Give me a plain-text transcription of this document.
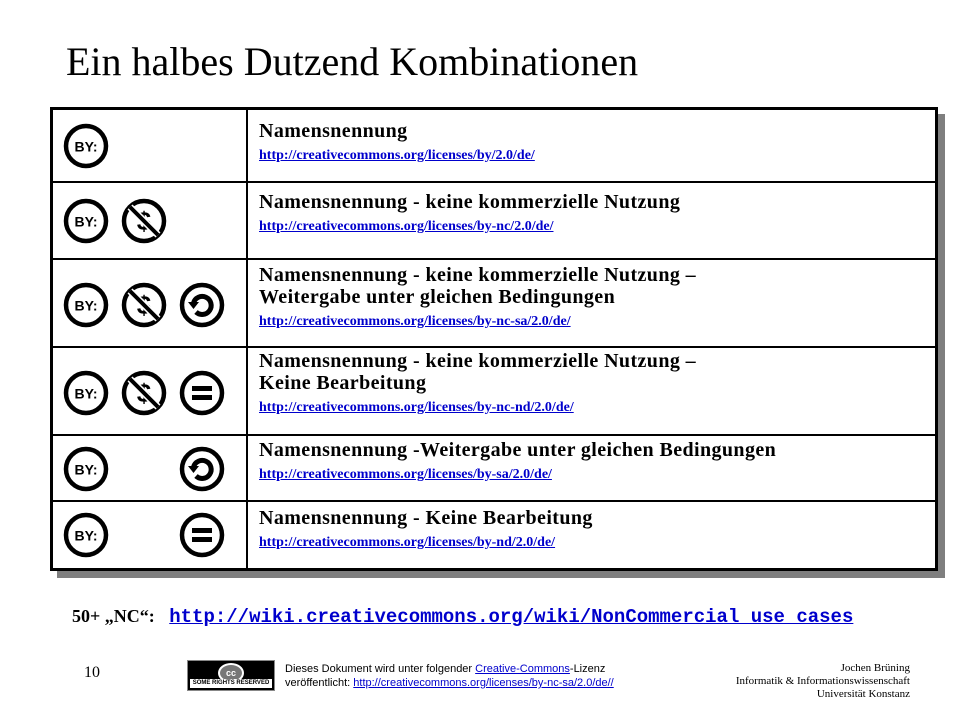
Ein halbes Dutzend Kombinationen
Namensnennung
http://creativecommons.org/licenses/by/2.0/de/
Namensnennung - keine kommerzielle Nutzung
http://creativecommons.org/licenses/by-nc/2.0/de/
Namensnennung - keine kommerzielle Nutzung –
Weitergabe unter gleichen Bedingungen
http://creativecommons.org/licenses/by-nc-sa/2.0/de/
Namensnennung - keine kommerzielle Nutzung –
Keine Bearbeitung
http://creativecommons.org/licenses/by-nc-nd/2.0/de/
Namensnennung -Weitergabe unter gleichen Bedingungen
http://creativecommons.org/licenses/by-sa/2.0/de/
Namensnennung - Keine Bearbeitung
http://creativecommons.org/licenses/by-nd/2.0/de/
50+ „NC“: http://wiki.creativecommons.org/wiki/NonCommercial_use_cases
10	cc
SOME RIGHTS RESERVED
Dieses Dokument wird unter folgender Creative-Commons-Lizenz
veröffentlicht: http://creativecommons.org/licenses/by-nc-sa/2.0/de//
Jochen Brüning
Informatik & Informationswissenschaft
Universität Konstanz
